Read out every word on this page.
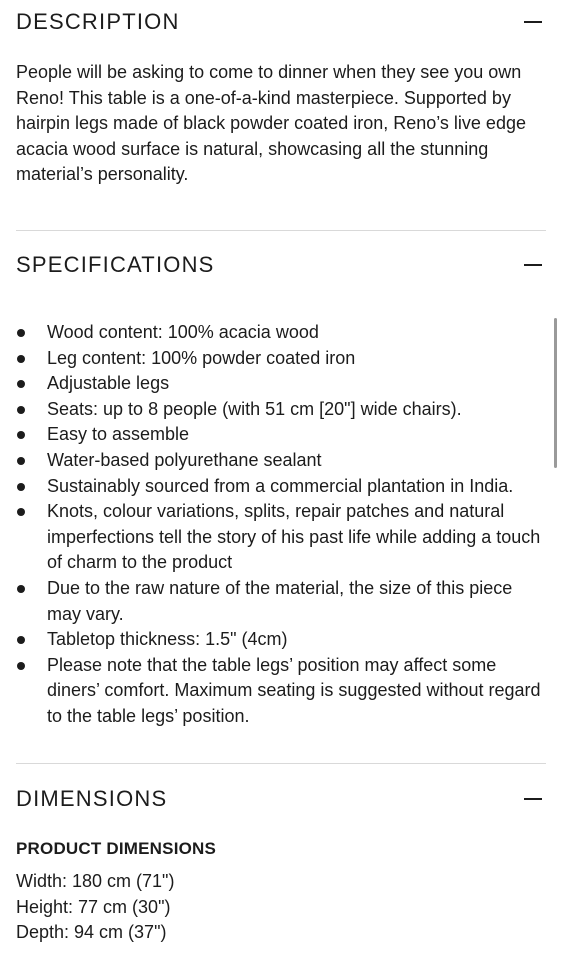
DESCRIPTION

People will be asking to come to dinner when they see you own Reno! This table is a one-of-a-kind masterpiece. Supported by hairpin legs made of black powder coated iron, Reno’s live edge acacia wood surface is natural, showcasing all the stunning material’s personality.

SPECIFICATIONS
Wood content: 100% acacia wood
Leg content: 100% powder coated iron
Adjustable legs
Seats: up to 8 people (with 51 cm [20"] wide chairs).
Easy to assemble
Water-based polyurethane sealant
Sustainably sourced from a commercial plantation in India.
Knots, colour variations, splits, repair patches and natural imperfections tell the story of his past life while adding a touch of charm to the product
Due to the raw nature of the material, the size of this piece may vary.
Tabletop thickness: 1.5" (4cm)
Please note that the table legs’ position may affect some diners’ comfort. Maximum seating is suggested without regard to the table legs’ position.
DIMENSIONS
PRODUCT DIMENSIONS
Width: 180 cm (71")
Height: 77 cm (30")
Depth: 94 cm (37")
